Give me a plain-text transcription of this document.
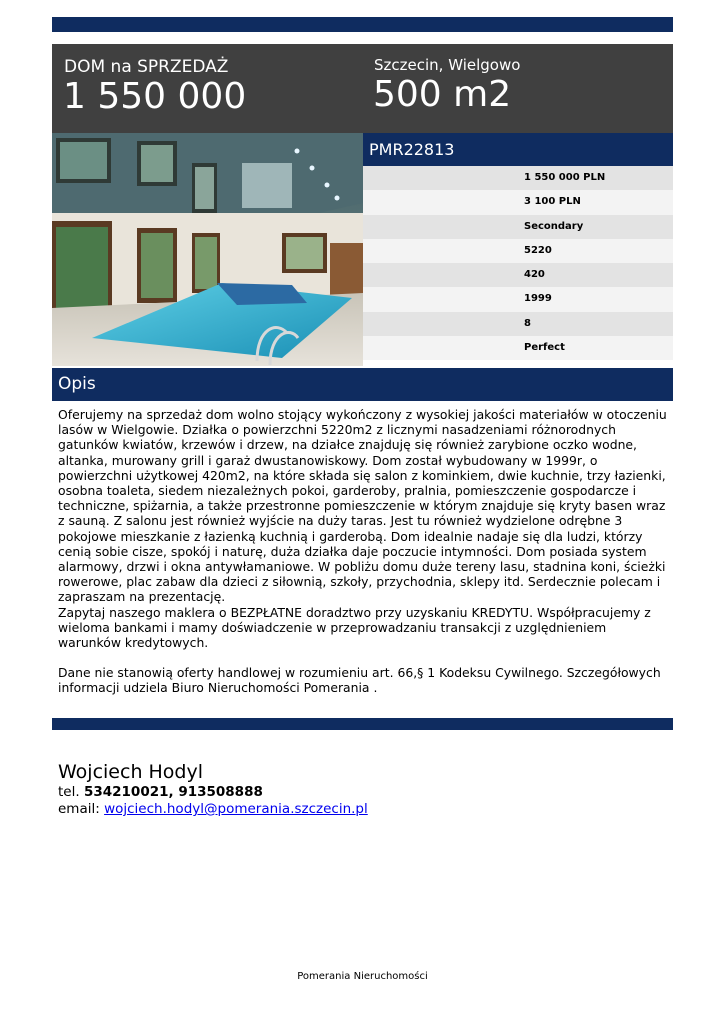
DOM na SPRZEDAŻ
1 550 000
Szczecin, Wielgowo
500 m2
PMR22813
1 550 000 PLN
3 100 PLN
Secondary
5220
420
1999
8
Perfect
Opis

Oferujemy na sprzedaż dom wolno stojący wykończony z wysokiej jakości materiałów w otoczeniu lasów w Wielgowie. Działka o powierzchni 5220m2 z licznymi nasadzeniami różnorodnych gatunków kwiatów, krzewów i drzew, na działce znajduję się również zarybione oczko wodne, altanka, murowany grill i garaż dwustanowiskowy. Dom został wybudowany w 1999r, o powierzchni użytkowej 420m2, na które składa się salon z kominkiem, dwie kuchnie, trzy łazienki, osobna toaleta, siedem niezależnych pokoi, garderoby, pralnia, pomieszczenie gospodarcze i techniczne, spiżarnia, a także przestronne pomieszczenie w którym znajduje się kryty basen wraz z sauną. Z salonu jest również wyjście na duży taras. Jest tu również wydzielone odrębne 3 pokojowe mieszkanie z łazienką kuchnią i garderobą. Dom idealnie nadaje się dla ludzi, którzy cenią sobie cisze, spokój i naturę, duża działka daje poczucie intymności. Dom posiada system alarmowy, drzwi i okna antywłamaniowe. W pobliżu domu duże tereny lasu, stadnina koni, ścieżki rowerowe, plac zabaw dla dzieci z siłownią, szkoły, przychodnia, sklepy itd. Serdecznie polecam i zapraszam na prezentację.

Zapytaj naszego maklera o BEZPŁATNE doradztwo przy uzyskaniu KREDYTU. Współpracujemy z wieloma bankami i mamy doświadczenie w przeprowadzaniu transakcji z uzględnieniem warunków kredytowych.

Dane nie stanowią oferty handlowej w rozumieniu art. 66,§ 1 Kodeksu Cywilnego. Szczegółowych informacji udziela Biuro Nieruchomości Pomerania .

Wojciech Hodyl
tel. 534210021, 913508888
email: wojciech.hodyl@pomerania.szczecin.pl
Pomerania Nieruchomości
